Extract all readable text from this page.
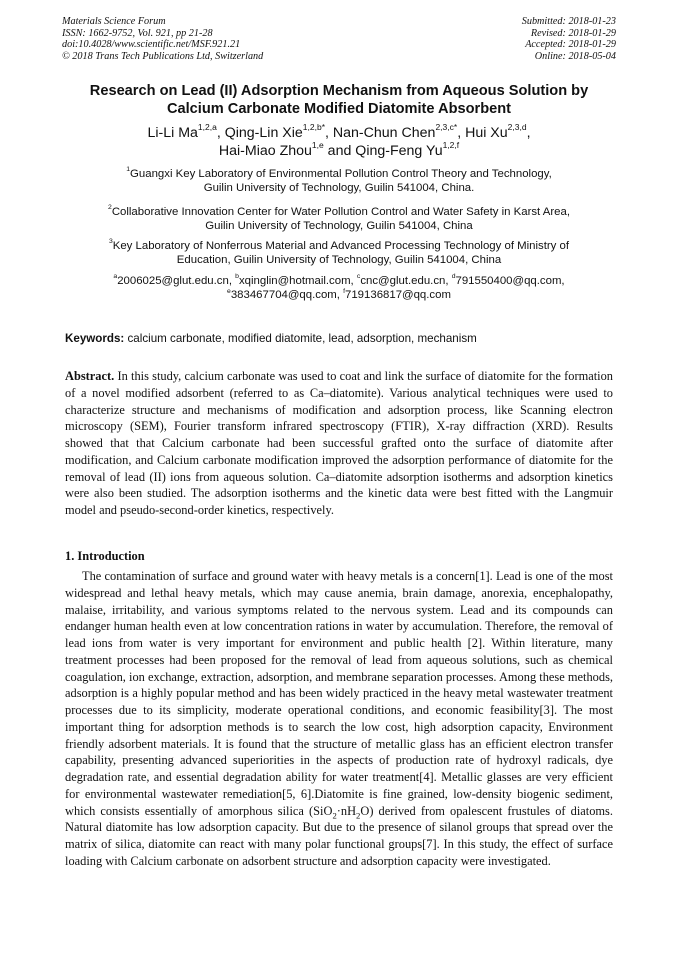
Materials Science Forum
ISSN: 1662-9752, Vol. 921, pp 21-28
doi:10.4028/www.scientific.net/MSF.921.21
© 2018 Trans Tech Publications Ltd, Switzerland
Submitted: 2018-01-23
Revised: 2018-01-29
Accepted: 2018-01-29
Online: 2018-05-04
Research on Lead (II) Adsorption Mechanism from Aqueous Solution by
Calcium Carbonate Modified Diatomite Absorbent
Li-Li Ma$^{1,2,a}$, Qing-Lin Xie$^{1,2,b*}$, Nan-Chun Chen$^{2,3,c*}$, Hui Xu$^{2,3,d}$,
Hai-Miao Zhou$^{1,e}$ and Qing-Feng Yu$^{1,2,f}$
$^1$Guangxi Key Laboratory of Environmental Pollution Control Theory and Technology,
Guilin University of Technology, Guilin 541004, China.
$^2$Collaborative Innovation Center for Water Pollution Control and Water Safety in Karst Area,
Guilin University of Technology, Guilin 541004, China
$^3$Key Laboratory of Nonferrous Material and Advanced Processing Technology of Ministry of
Education, Guilin University of Technology, Guilin 541004, China
$^a$2006025@glut.edu.cn, $^b$xqinglin@hotmail.com, $^c$cnc@glut.edu.cn, $^d$791550400@qq.com,
$^e$383467704@qq.com, $^f$719136817@qq.com
Keywords: calcium carbonate, modified diatomite, lead, adsorption, mechanism
Abstract. In this study, calcium carbonate was used to coat and link the surface of diatomite for the formation of a novel modified adsorbent (referred to as Ca–diatomite). Various analytical techniques were used to characterize structure and mechanisms of modification and adsorption process, like Scanning electron microscopy (SEM), Fourier transform infrared spectroscopy (FTIR), X-ray diffraction (XRD). Results showed that that Calcium carbonate had been successful grafted onto the surface of diatomite after modification, and Calcium carbonate modification improved the adsorption performance of diatomite for the removal of lead (II) ions from aqueous solution. Ca–diatomite adsorption isotherms and adsorption kinetics were also been studied. The adsorption isotherms and the kinetic data were best fitted with the Langmuir model and pseudo-second-order kinetics, respectively.
1. Introduction
The contamination of surface and ground water with heavy metals is a concern[1]. Lead is one of the most widespread and lethal heavy metals, which may cause anemia, brain damage, anorexia, encephalopathy, malaise, irritability, and various symptoms related to the nervous system. Lead and its compounds can endanger human health even at low concentration rations in water by accumulation. Therefore, the removal of lead ions from water is very important for environment and public health [2]. Within literature, many treatment processes had been proposed for the removal of lead from aqueous solutions, such as chemical coagulation, ion exchange, extraction, adsorption, and membrane separation processes. Among these methods, adsorption is a highly popular method and has been widely practiced in the heavy metal wastewater treatment processes due to its simplicity, moderate operational conditions, and economic feasibility[3]. The most important thing for adsorption methods is to search the low cost, high adsorption capacity, Environment friendly adsorbent materials. It is found that the structure of metallic glass has an efficient electron transfer capability, presenting advanced superiorities in the aspects of production rate of hydroxyl radicals, dye degradation rate, and essential degradation ability for water treatment[4]. Metallic glasses are very efficient for environmental wastewater remediation[5, 6].Diatomite is fine grained, low-density biogenic sediment, which consists essentially of amorphous silica $(SiO_2\cdot nH_2O)$ derived from opalescent frustules of diatoms. Natural diatomite has low adsorption capacity. But due to the presence of silanol groups that spread over the matrix of silica, diatomite can react with many polar functional groups[7]. In this study, the effect of surface loading with Calcium carbonate on adsorbent structure and adsorption capacity were investigated.
